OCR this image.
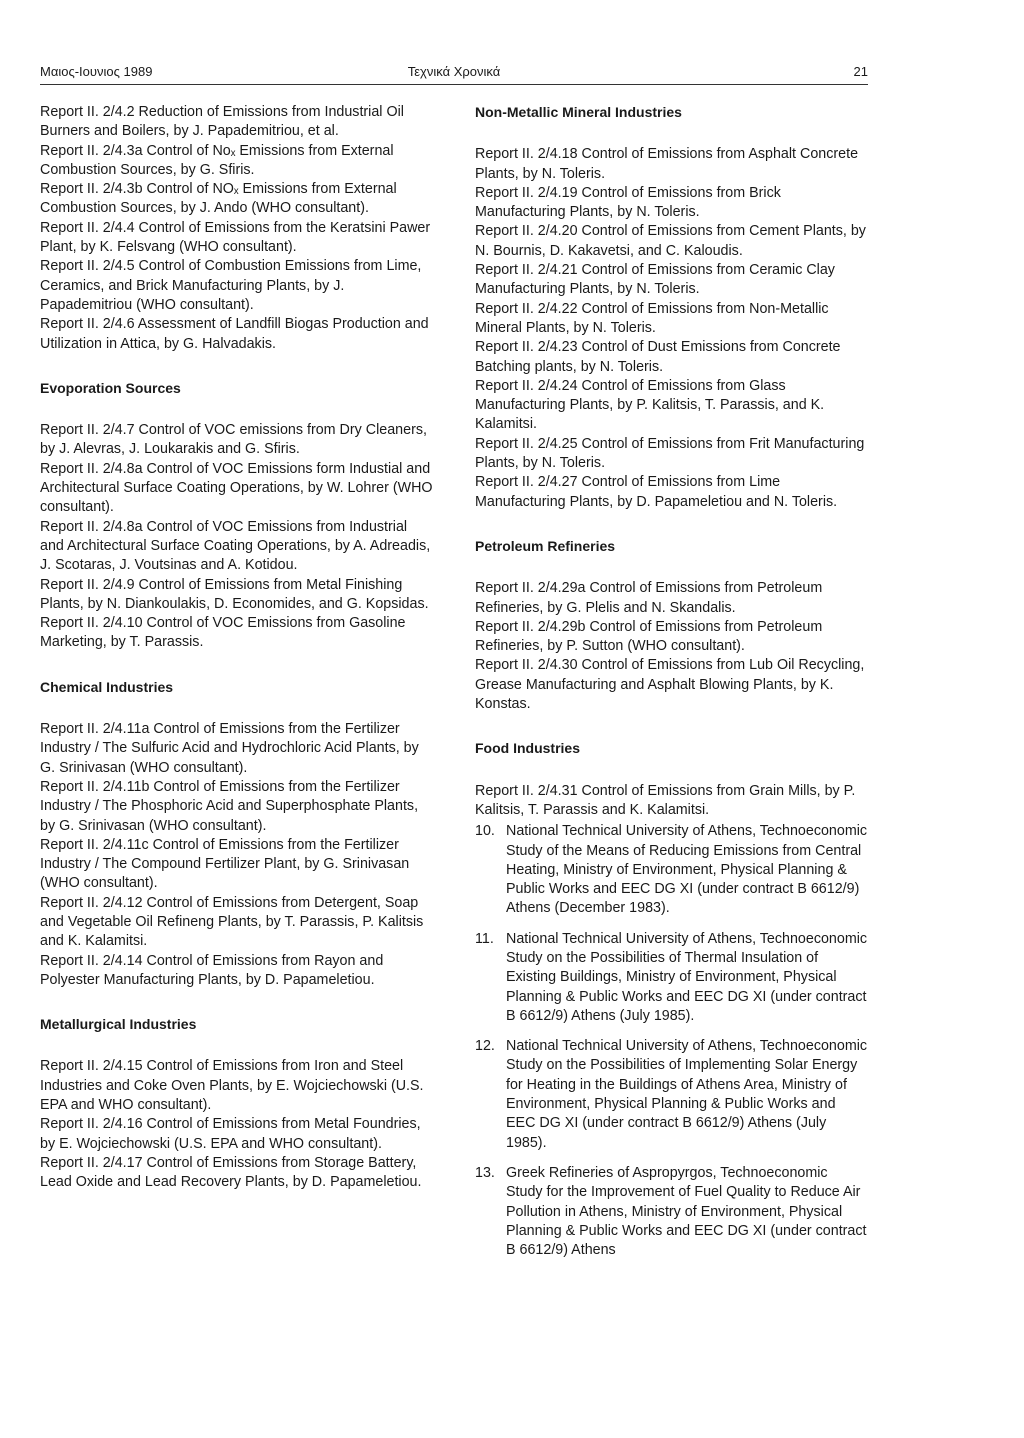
Μαιος-Ιουνιος 1989	Τεχνικά Χρονικά	21

Report II. 2/4.2 Reduction of Emissions from Industrial Oil Burners and Boilers, by J. Papademitriou, et al.

Report II. 2/4.3a Control of Noₓ Emissions from External Combustion Sources, by G. Sfiris.

Report II. 2/4.3b Control of NOₓ Emissions from External Combustion Sources, by J. Ando (WHO consultant).

Report II. 2/4.4 Control of Emissions from the Keratsini Pawer Plant, by K. Felsvang (WHO consultant).

Report II. 2/4.5 Control of Combustion Emissions from Lime, Ceramics, and Brick Manufacturing Plants, by J. Papademitriou (WHO consultant).

Report II. 2/4.6 Assessment of Landfill Biogas Production and Utilization in Attica, by G. Halvadakis.

Evoporation Sources

Report II. 2/4.7 Control of VOC emissions from Dry Cleaners, by J. Alevras, J. Loukarakis and G. Sfiris.

Report II. 2/4.8a Control of VOC Emissions form Industial and Architectural Surface Coating Operations, by W. Lohrer (WHO consultant).

Report II. 2/4.8a Control of VOC Emissions from Industrial and Architectural Surface Coating Operations, by A. Adreadis, J. Scotaras, J. Voutsinas and A. Kotidou.

Report II. 2/4.9 Control of Emissions from Metal Finishing Plants, by N. Diankoulakis, D. Economides, and G. Kopsidas.

Report II. 2/4.10 Control of VOC Emissions from Gasoline Marketing, by T. Parassis.

Chemical Industries

Report II. 2/4.11a Control of Emissions from the Fertilizer Industry / The Sulfuric Acid and Hydrochloric Acid Plants, by G. Srinivasan (WHO consultant).

Report II. 2/4.11b Control of Emissions from the Fertilizer Industry / The Phosphoric Acid and Superphosphate Plants, by G. Srinivasan (WHO consultant).

Report II. 2/4.11c Control of Emissions from the Fertilizer Industry / The Compound Fertilizer Plant, by G. Srinivasan (WHO consultant).

Report II. 2/4.12 Control of Emissions from Detergent, Soap and Vegetable Oil Refineng Plants, by T. Parassis, P. Kalitsis and K. Kalamitsi.

Report II. 2/4.14 Control of Emissions from Rayon and Polyester Manufacturing Plants, by D. Papameletiou.

Metallurgical Industries

Report II. 2/4.15 Control of Emissions from Iron and Steel Industries and Coke Oven Plants, by E. Wojciechowski (U.S. EPA and WHO consultant).

Report II. 2/4.16 Control of Emissions from Metal Foundries, by E. Wojciechowski (U.S. EPA and WHO consultant).

Report II. 2/4.17 Control of Emissions from Storage Battery, Lead Oxide and Lead Recovery Plants, by D. Papameletiou.

Non-Metallic Mineral Industries

Report II. 2/4.18 Control of Emissions from Asphalt Concrete Plants, by N. Toleris.

Report II. 2/4.19 Control of Emissions from Brick Manufacturing Plants, by N. Toleris.

Report II. 2/4.20 Control of Emissions from Cement Plants, by N. Bournis, D. Kakavetsi, and C. Kaloudis.

Report II. 2/4.21 Control of Emissions from Ceramic Clay Manufacturing Plants, by N. Toleris.

Report II. 2/4.22 Control of Emissions from Non-Metallic Mineral Plants, by N. Toleris.

Report II. 2/4.23 Control of Dust Emissions from Concrete Batching plants, by N. Toleris.

Report II. 2/4.24 Control of Emissions from Glass Manufacturing Plants, by P. Kalitsis, T. Parassis, and K. Kalamitsi.

Report II. 2/4.25 Control of Emissions from Frit Manufacturing Plants, by N. Toleris.

Report II. 2/4.27 Control of Emissions from Lime Manufacturing Plants, by D. Papameletiou and N. Toleris.

Petroleum Refineries

Report II. 2/4.29a Control of Emissions from Petroleum Refineries, by G. Plelis and N. Skandalis.

Report II. 2/4.29b Control of Emissions from Petroleum Refineries, by P. Sutton (WHO consultant).

Report II. 2/4.30 Control of Emissions from Lub Oil Recycling, Grease Manufacturing and Asphalt Blowing Plants, by K. Konstas.

Food Industries

Report II. 2/4.31 Control of Emissions from Grain Mills, by P. Kalitsis, T. Parassis and K. Kalamitsi.

10. National Technical University of Athens, Technoeconomic Study of the Means of Reducing Emissions from Central Heating, Ministry of Environment, Physical Planning & Public Works and EEC DG XI (under contract B 6612/9) Athens (December 1983).
11. National Technical University of Athens, Technoeconomic Study on the Possibilities of Thermal Insulation of Existing Buildings, Ministry of Environment, Physical Planning & Public Works and EEC DG XI (under contract B 6612/9) Athens (July 1985).
12. National Technical University of Athens, Technoeconomic Study on the Possibilities of Implementing Solar Energy for Heating in the Buildings of Athens Area, Ministry of Environment, Physical Planning & Public Works and EEC DG XI (under contract B 6612/9) Athens (July 1985).
13. Greek Refineries of Aspropyrgos, Technoeconomic Study for the Improvement of Fuel Quality to Reduce Air Pollution in Athens, Ministry of Environment, Physical Planning & Public Works and EEC DG XI (under contract B 6612/9) Athens
